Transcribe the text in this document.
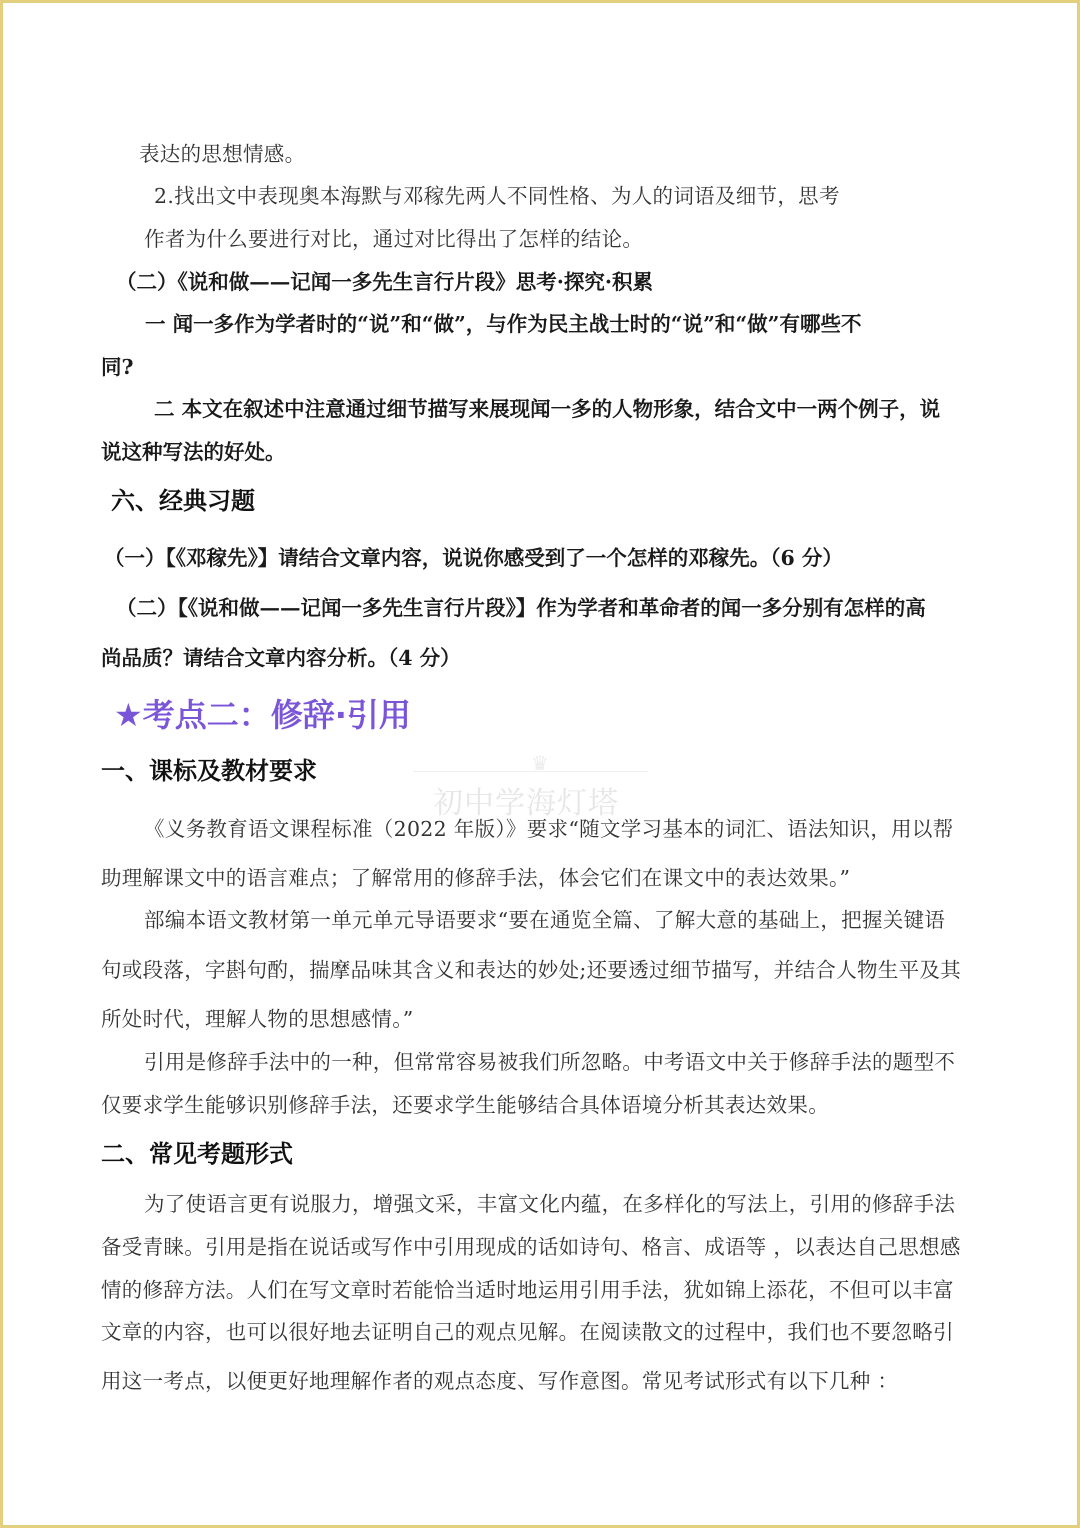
表达的思想情感。
2.找出文中表现奥本海默与邓稼先两人不同性格、为人的词语及细节，思考
作者为什么要进行对比，通过对比得出了怎样的结论。
（二）《说和做——记闻一多先生言行片段》思考·探究·积累
一 闻一多作为学者时的“说”和“做”，与作为民主战士时的“说”和“做”有哪些不
同?
二 本文在叙述中注意通过细节描写来展现闻一多的人物形象，结合文中一两个例子，说
说这种写法的好处。
六、经典习题
（一）【《邓稼先》】请结合文章内容，说说你感受到了一个怎样的邓稼先。（6 分）
（二）【《说和做——记闻一多先生言行片段》】作为学者和革命者的闻一多分别有怎样的高
尚品质？请结合文章内容分析。（4 分）
★考点二：修辞·引用
一、课标及教材要求	♛
初中学海灯塔
《义务教育语文课程标准（2022 年版）》要求“随文学习基本的词汇、语法知识，用以帮
助理解课文中的语言难点；了解常用的修辞手法，体会它们在课文中的表达效果。”
部编本语文教材第一单元单元导语要求“要在通览全篇、了解大意的基础上，把握关键语
句或段落，字斟句酌，揣摩品味其含义和表达的妙处;还要透过细节描写，并结合人物生平及其
所处时代，理解人物的思想感情。”
引用是修辞手法中的一种，但常常容易被我们所忽略。中考语文中关于修辞手法的题型不
仅要求学生能够识别修辞手法，还要求学生能够结合具体语境分析其表达效果。
二、常见考题形式
为了使语言更有说服力，增强文采，丰富文化内蕴，在多样化的写法上，引用的修辞手法
备受青睐。引用是指在说话或写作中引用现成的话如诗句、格言、成语等 ，以表达自己思想感
情的修辞方法。人们在写文章时若能恰当适时地运用引用手法，犹如锦上添花，不但可以丰富
文章的内容，也可以很好地去证明自己的观点见解。在阅读散文的过程中，我们也不要忽略引
用这一考点，以便更好地理解作者的观点态度、写作意图。常见考试形式有以下几种 ：
